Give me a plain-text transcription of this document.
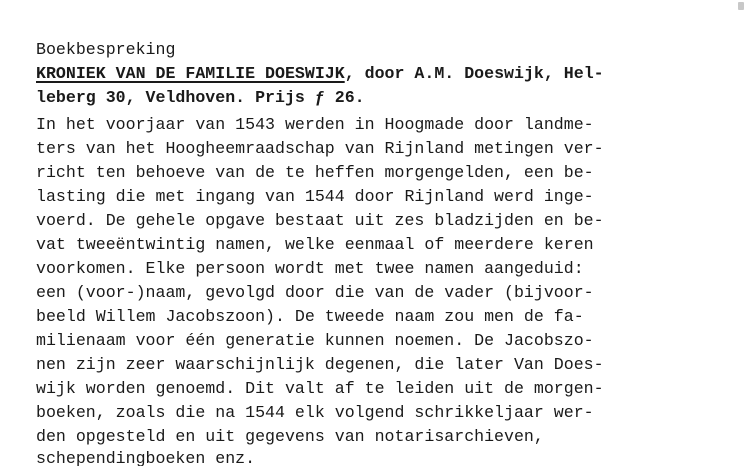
Boekbespreking

KRONIEK VAN DE FAMILIE DOESWIJK, door A.M. Doeswijk, Hel-

leberg 30, Veldhoven. Prijs ƒ 26.

In het voorjaar van 1543 werden in Hoogmade door landme-

ters van het Hoogheemraadschap van Rijnland metingen ver-

richt ten behoeve van de te heffen morgengelden, een be-

lasting die met ingang van 1544 door Rijnland werd inge-

voerd. De gehele opgave bestaat uit zes bladzijden en be-

vat tweeëntwintig namen, welke eenmaal of meerdere keren

voorkomen. Elke persoon wordt met twee namen aangeduid:

een (voor-)naam, gevolgd door die van de vader (bijvoor-

beeld Willem Jacobszoon). De tweede naam zou men de fa-

milienaam voor één generatie kunnen noemen. De Jacobszo-

nen zijn zeer waarschijnlijk degenen, die later Van Does-

wijk worden genoemd. Dit valt af te leiden uit de morgen-

boeken, zoals die na 1544 elk volgend schrikkeljaar wer-

den opgesteld en uit gegevens van notarisarchieven,

schependingboeken enz.
